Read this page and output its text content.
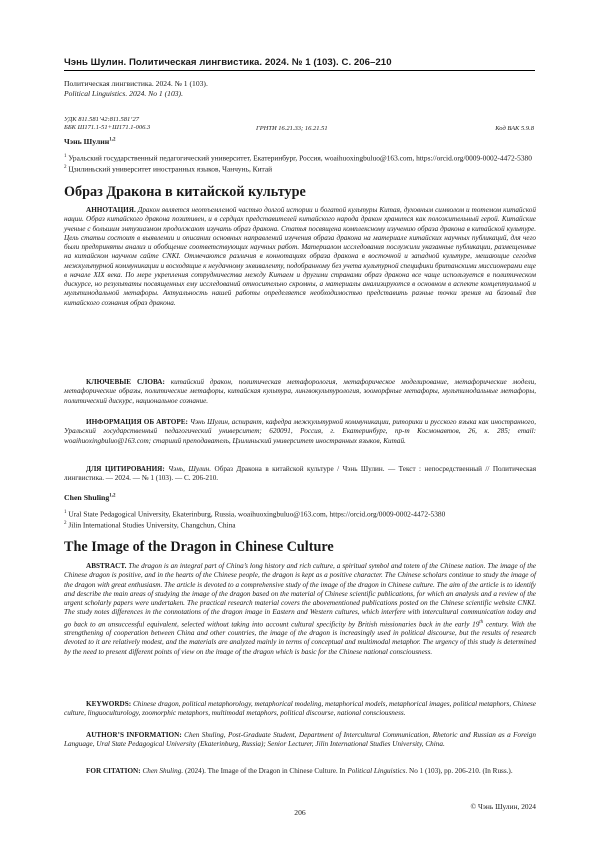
Чэнь Шулин. Политическая лингвистика. 2024. № 1 (103). С. 206–210
Политическая лингвистика. 2024. № 1 (103).
Political Linguistics. 2024. No 1 (103).
УДК 811.581’42:811.581’27
ББК Ш171.1-51+Ш171.1-006.3	ГРНТИ 16.21.33; 16.21.51	Код ВАК 5.9.8
Чэнь Шулин$^{1,2}$
$^1$ Уральский государственный педагогический университет, Екатеринбург, Россия, woaihuoxingbuluo@163.com, https://orcid.org/0009-0002-4472-5380
$^2$ Цзилиньский университет иностранных языков, Чанчунь, Китай
Образ Дракона в китайской культуре
АННОТАЦИЯ. Дракон является неотъемлемой частью долгой истории и богатой культуры Китая, духовным символом и тотемом китайской нации. Образ китайского дракона позитивен, и в сердцах представителей китайского народа дракон хранится как положительный герой. Китайские ученые с большим энтузиазмом продолжают изучать образ дракона. Статья посвящена комплексному изучению образа дракона в китайской культуре. Цель статьи состоит в выявлении и описании основных направлений изучения образа дракона на материале китайских научных публикаций, для чего были предприняты анализ и обобщение соответствующих научных работ. Материалом исследования послужили указанные публикации, размещенные на китайском научном сайте CNKI. Отмечаются различия в коннотациях образа дракона в восточной и западной культуре, мешающие сегодня межкультурной коммуникации и восходящие к неудачному эквиваленту, подобранному без учета культурной специфики британскими миссионерами еще в начале XIX века. По мере укрепления сотрудничества между Китаем и другими странами образ дракона все чаще используется в политическом дискурсе, но результаты посвященных ему исследований относительно скромны, а материалы анализируются в основном в аспекте концептуальной и мультимодальной метафоры. Актуальность нашей работы определяется необходимостью представить разные точки зрения на базовый для китайского сознания образ дракона.
КЛЮЧЕВЫЕ СЛОВА: китайский дракон, политическая метафорология, метафорическое моделирование, метафорические модели, метафорические образы, политические метафоры, китайская культура, лингвокультурология, зооморфные метафоры, мультимодальные метафоры, политический дискурс, национальное сознание.
ИНФОРМАЦИЯ ОБ АВТОРЕ: Чэнь Шулин, аспирант, кафедра межкультурной коммуникации, риторики и русского языка как иностранного, Уральский государственный педагогический университет; 620091, Россия, г. Екатеринбург, пр-т Космонавтов, 26, к. 285; email: woaihuoxingbuluo@163.com; старший преподаватель, Цзилиньский университет иностранных языков, Китай.
ДЛЯ ЦИТИРОВАНИЯ: Чэнь, Шулин. Образ Дракона в китайской культуре / Чэнь Шулин. — Текст : непосредственный // Политическая лингвистика. — 2024. — № 1 (103). — С. 206-210.
Chen Shuling$^{1,2}$
$^1$ Ural State Pedagogical University, Ekaterinburg, Russia, woaihuoxingbuluo@163.com, https://orcid.org/0009-0002-4472-5380
$^2$ Jilin International Studies University, Changchun, China
The Image of the Dragon in Chinese Culture
ABSTRACT. The dragon is an integral part of China’s long history and rich culture, a spiritual symbol and totem of the Chinese nation. The image of the Chinese dragon is positive, and in the hearts of the Chinese people, the dragon is kept as a positive character. The Chinese scholars continue to study the image of the dragon with great enthusiasm. The article is devoted to a comprehensive study of the image of the dragon in Chinese culture. The aim of the article is to identify and describe the main areas of studying the image of the dragon based on the material of Chinese scientific publications, for which an analysis and a review of the urgent scholarly papers were undertaken. The practical research material covers the abovementioned publications posted on the Chinese scientific website CNKI. The study notes differences in the connotations of the dragon image in Eastern and Western cultures, which interfere with intercultural communication today and go back to an unsuccessful equivalent, selected without taking into account cultural specificity by British missionaries back in the early 19th century. With the strengthening of cooperation between China and other countries, the image of the dragon is increasingly used in political discourse, but the results of research devoted to it are relatively modest, and the materials are analyzed mainly in terms of conceptual and multimodal metaphor. The urgency of this study is determined by the need to present different points of view on the image of the dragon which is basic for the Chinese national consciousness.
KEYWORDS: Chinese dragon, political metaphorology, metaphorical modeling, metaphorical models, metaphorical images, political metaphors, Chinese culture, linguoculturology, zoomorphic metaphors, multimodal metaphors, political discourse, national consciousness.
AUTHOR’S INFORMATION: Chen Shuling, Post-Graduate Student, Department of Intercultural Communication, Rhetoric and Russian as a Foreign Language, Ural State Pedagogical University (Ekaterinburg, Russia); Senior Lecturer, Jilin International Studies University, China.
FOR CITATION: Chen Shuling. (2024). The Image of the Dragon in Chinese Culture. In Political Linguistics. No 1 (103), pp. 206-210. (In Russ.).
© Чэнь Шулин, 2024
206
